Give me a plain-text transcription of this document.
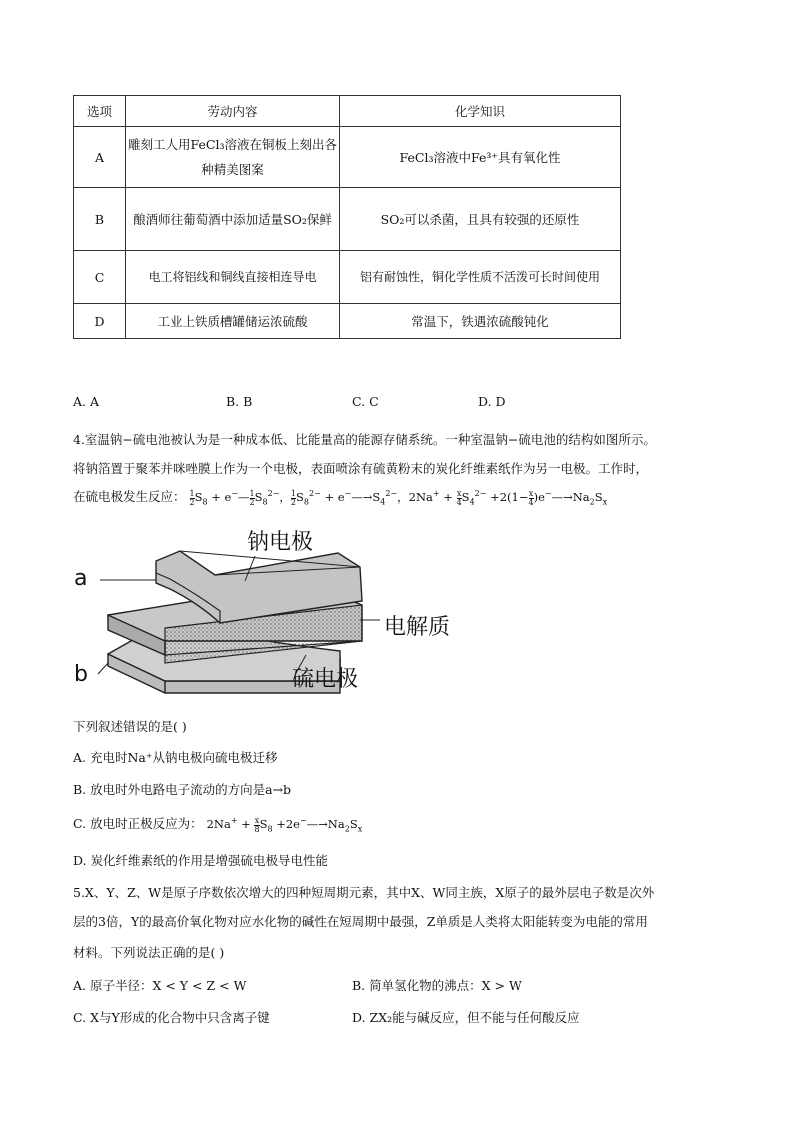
选项	劳动内容	化学知识
A	雕刻工人用FeCl₃溶液在铜板上刻出各种精美图案	FeCl₃溶液中Fe³⁺具有氧化性
B	酿酒师往葡萄酒中添加适量SO₂保鲜	SO₂可以杀菌，且具有较强的还原性
C	电工将铝线和铜线直接相连导电	铝有耐蚀性，铜化学性质不活泼可长时间使用
D	工业上铁质槽罐储运浓硫酸	常温下，铁遇浓硫酸钝化
A. A	B. B	C. C	D. D
4.室温钠−硫电池被认为是一种成本低、比能量高的能源存储系统。一种室温钠−硫电池的结构如图所示。
将钠箔置于聚苯并咪唑膜上作为一个电极，表面喷涂有硫黄粉末的炭化纤维素纸作为另一电极。工作时，
在硫电极发生反应： $\frac{1}{2} S_8$ + e−— $\frac{1}{2} S_8^{2-}$， $\frac{1}{2} S_8^{2-}$ + $e^-—\to S_4^{2-}$，$2Na^+ + \frac{x}{4} S_4^{2-} +2(1- \frac{x}{4}$ )$e^-—\to Na_2S_x$
钠电极
电解质
硫电极
a
b
下列叙述错误的是( )
A. 充电时Na⁺从钠电极向硫电极迁移
B. 放电时外电路电子流动的方向是a→b
C. 放电时正极反应为： $2Na^+ + \frac{x}{8} S_8$ $+2e^-—\to Na_2S_x$
D. 炭化纤维素纸的作用是增强硫电极导电性能
5.X、Y、Z、W是原子序数依次增大的四种短周期元素，其中X、W同主族，X原子的最外层电子数是次外
层的3倍，Y的最高价氧化物对应水化物的碱性在短周期中最强，Z单质是人类将太阳能转变为电能的常用
材料。下列说法正确的是( )
A. 原子半径：X < Y < Z < W	B. 简单氢化物的沸点：X > W
C. X与Y形成的化合物中只含离子键	D. ZX₂能与碱反应，但不能与任何酸反应
